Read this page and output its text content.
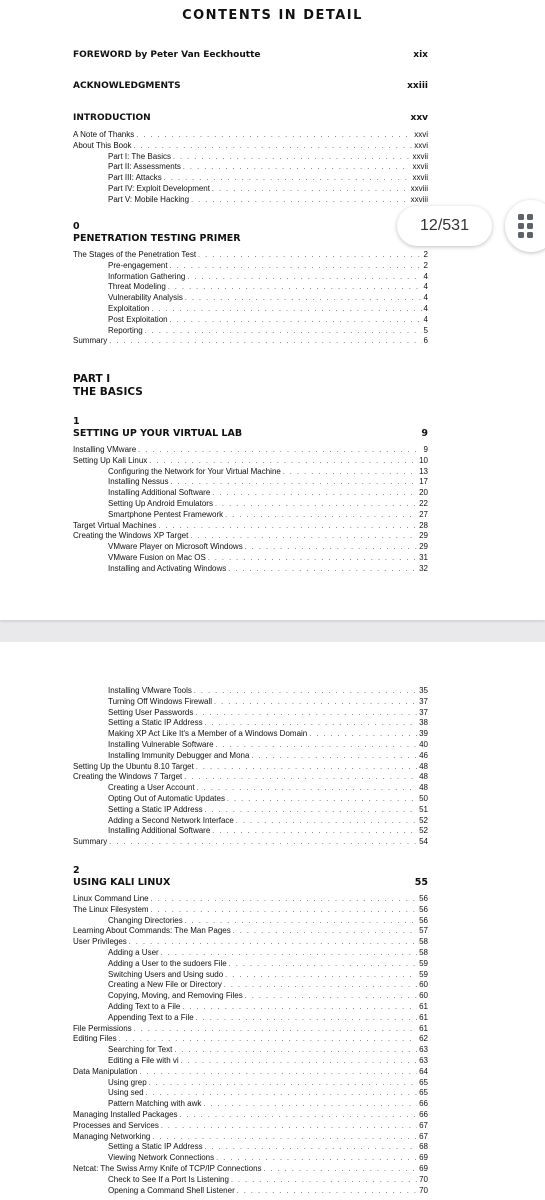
CONTENTS IN DETAIL
FOREWORD by Peter Van Eeckhoutte	xix
ACKNOWLEDGMENTS	xxiii
INTRODUCTION	xxv
A Note of Thanks . . .	xxvi
About This Book . . .	xxvi
Part I: The Basics . . .	xxvii
Part II: Assessments . . .	xxvii
Part III: Attacks . . .	xxvii
Part IV: Exploit Development . . .	xxviii
Part V: Mobile Hacking . . .	xxviii
0
PENETRATION TESTING PRIMER
The Stages of the Penetration Test . . .	2
Pre-engagement . . .	2
Information Gathering . . .	4
Threat Modeling . . .	4
Vulnerability Analysis . . .	4
Exploitation . . .	4
Post Exploitation . . .	4
Reporting . . .	5
Summary . . .	6
PART I
THE BASICS
1
SETTING UP YOUR VIRTUAL LAB	9
Installing VMware . . .	9
Setting Up Kali Linux . . .	10
Configuring the Network for Your Virtual Machine . . .	13
Installing Nessus . . .	17
Installing Additional Software . . .	20
Setting Up Android Emulators . . .	22
Smartphone Pentest Framework . . .	27
Target Virtual Machines . . .	28
Creating the Windows XP Target . . .	29
VMware Player on Microsoft Windows . . .	29
VMware Fusion on Mac OS . . .	31
Installing and Activating Windows . . .	32
Installing VMware Tools . . .	35
Turning Off Windows Firewall . . .	37
Setting User Passwords . . .	37
Setting a Static IP Address . . .	38
Making XP Act Like It's a Member of a Windows Domain . . .	39
Installing Vulnerable Software . . .	40
Installing Immunity Debugger and Mona . . .	46
Setting Up the Ubuntu 8.10 Target . . .	48
Creating the Windows 7 Target . . .	48
Creating a User Account . . .	48
Opting Out of Automatic Updates . . .	50
Setting a Static IP Address . . .	51
Adding a Second Network Interface . . .	52
Installing Additional Software . . .	52
Summary . . .	54
2
USING KALI LINUX	55
Linux Command Line . . .	56
The Linux Filesystem . . .	56
Changing Directories . . .	56
Learning About Commands: The Man Pages . . .	57
User Privileges . . .	58
Adding a User . . .	58
Adding a User to the sudoers File . . .	59
Switching Users and Using sudo . . .	59
Creating a New File or Directory . . .	60
Copying, Moving, and Removing Files . . .	60
Adding Text to a File . . .	61
Appending Text to a File . . .	61
File Permissions . . .	61
Editing Files . . .	62
Searching for Text . . .	63
Editing a File with vi . . .	63
Data Manipulation . . .	64
Using grep . . .	65
Using sed . . .	65
Pattern Matching with awk . . .	66
Managing Installed Packages . . .	66
Processes and Services . . .	67
Managing Networking . . .	67
Setting a Static IP Address . . .	68
Viewing Network Connections . . .	69
Netcat: The Swiss Army Knife of TCP/IP Connections . . .	69
Check to See If a Port Is Listening . . .	70
Opening a Command Shell Listener . . .	70
12/531
